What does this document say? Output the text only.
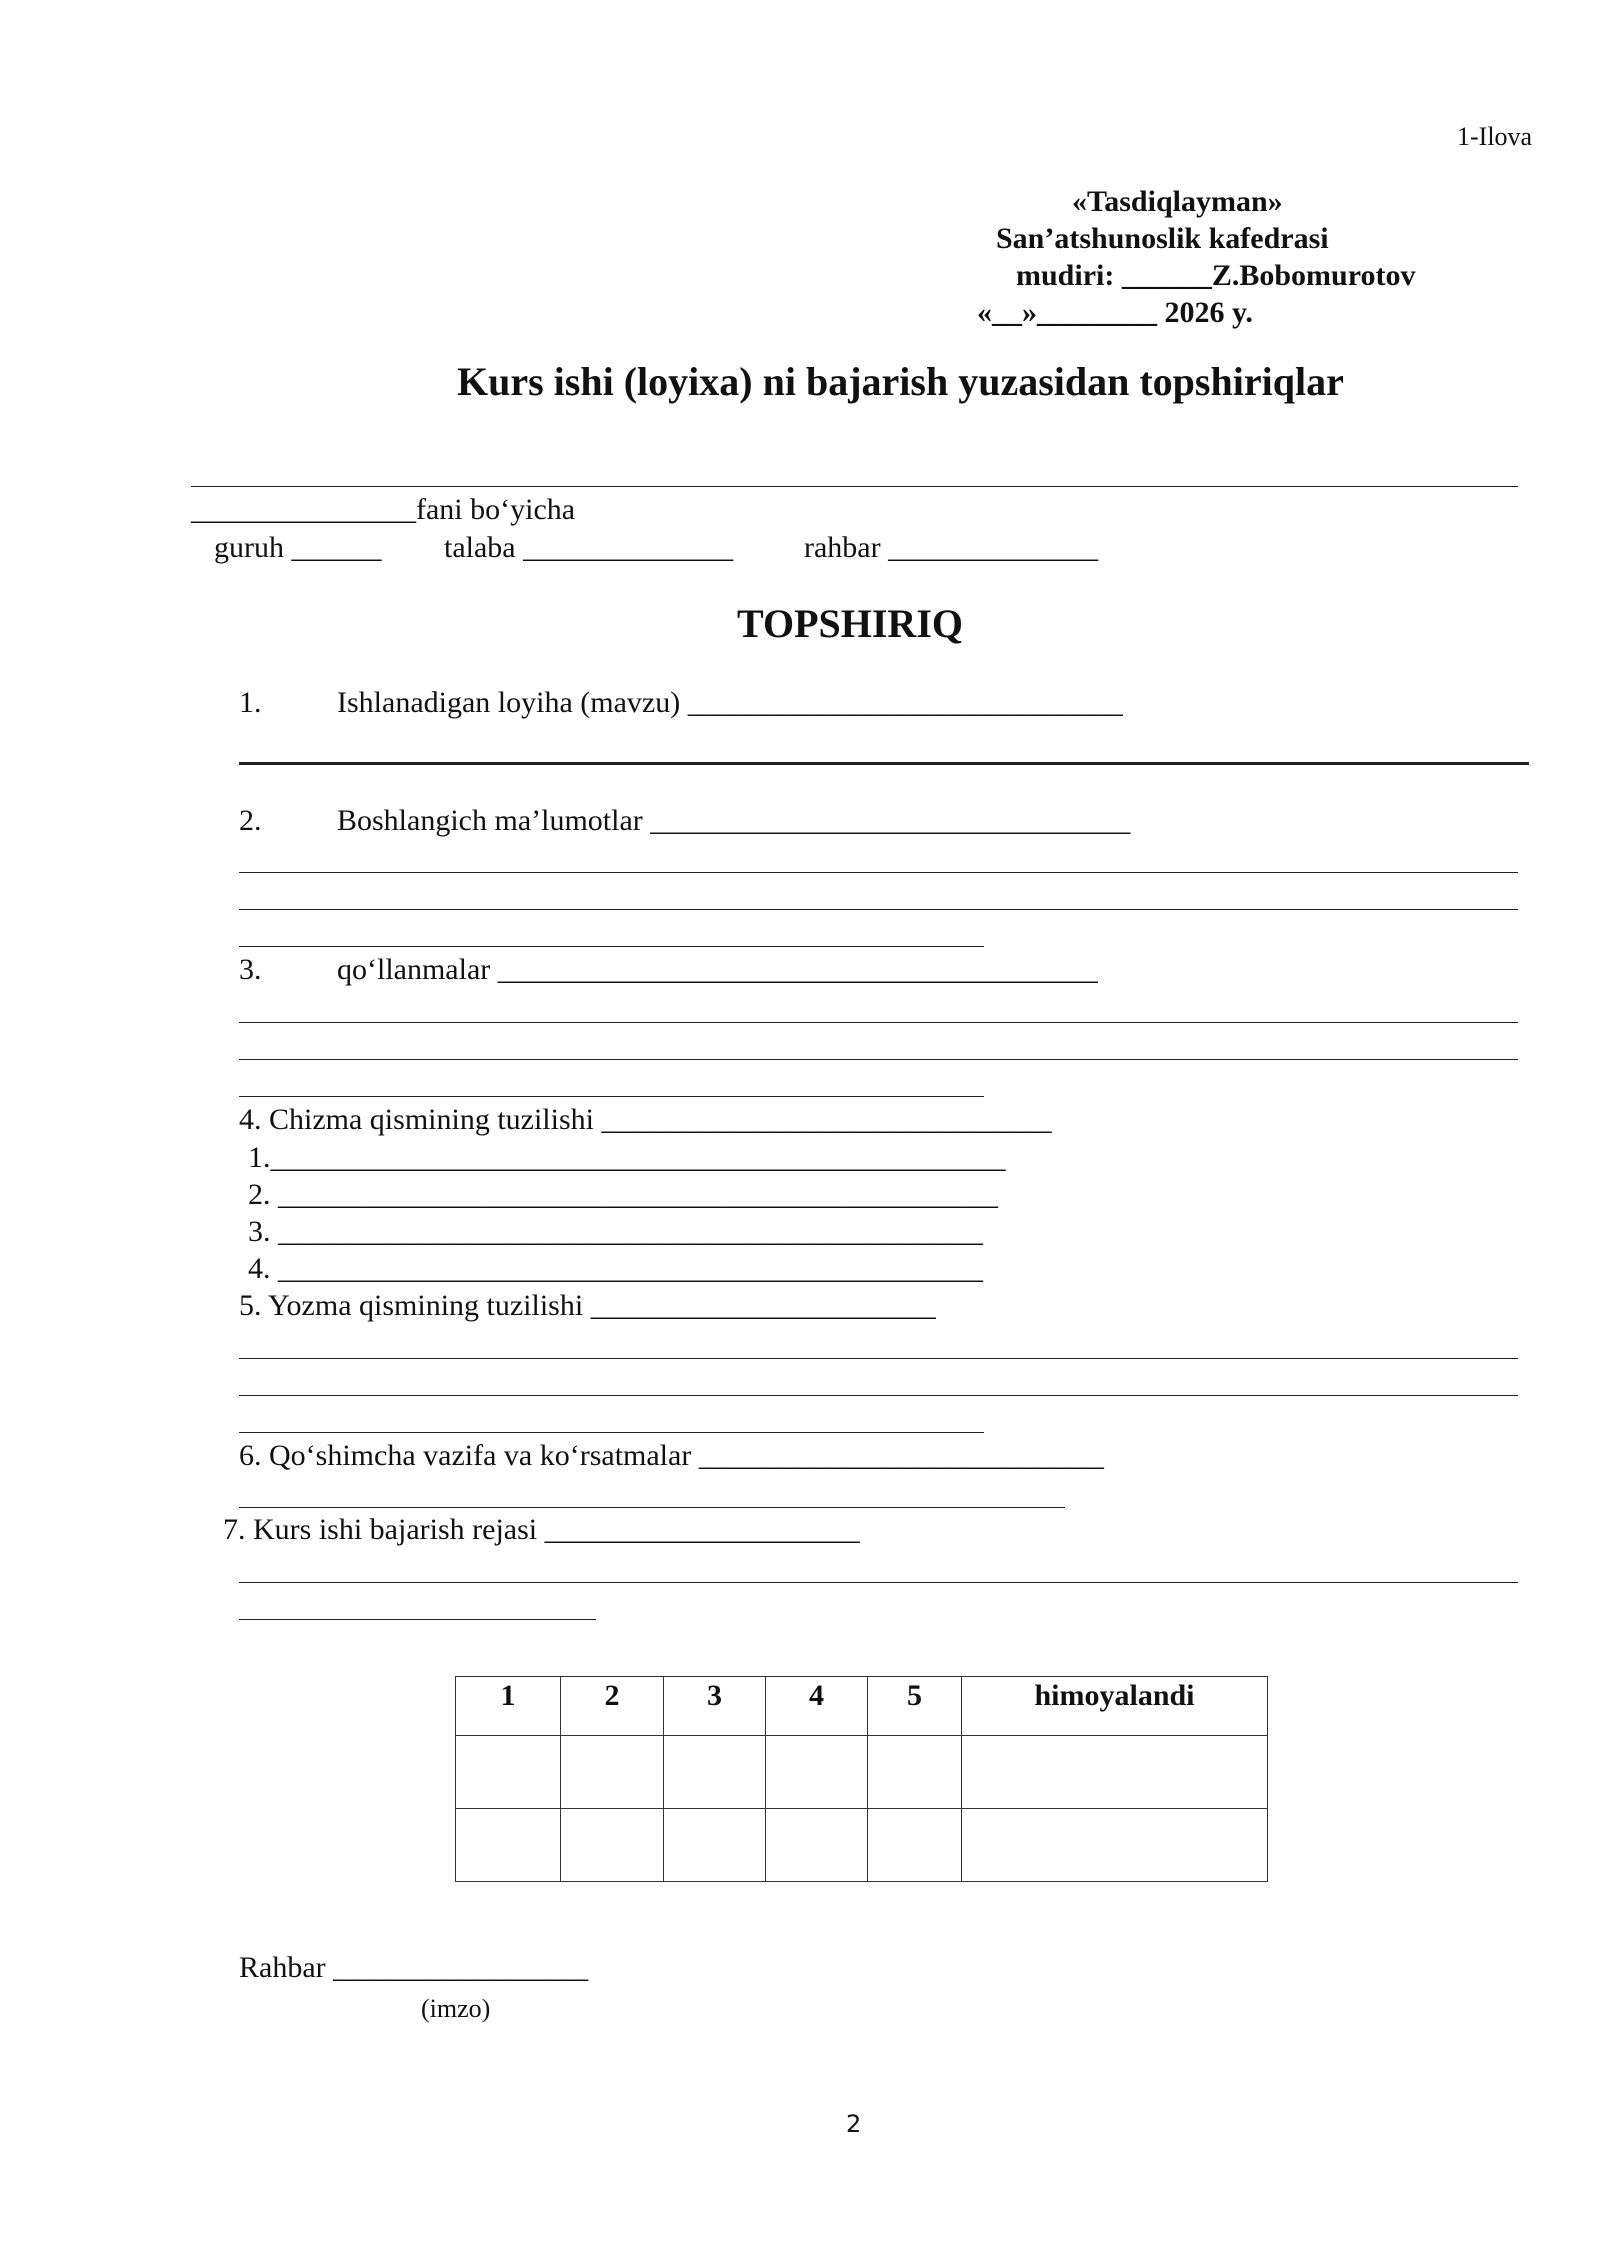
1-Ilova
«Tasdiqlayman»
San’atshunoslik kafedrasi
mudiri: ______Z.Bobomurotov
«__»________ 2026 y.
Kurs ishi (loyixa) ni bajarish yuzasidan topshiriqlar
_______________fani bo‘yicha
guruh ______ talaba ______________ rahbar ______________
TOPSHIRIQ
1.	Ishlanadigan loyiha (mavzu) _____________________________
2.	Boshlangich ma’lumotlar ________________________________
3.	qo‘llanmalar ________________________________________
4. Chizma qismining tuzilishi ______________________________
1._________________________________________________
2. ________________________________________________
3. _______________________________________________
4. _______________________________________________
5. Yozma qismining tuzilishi _______________________
6. Qo‘shimcha vazifa va ko‘rsatmalar ___________________________
7. Kurs ishi bajarish rejasi _____________________
1	2	3	4	5	himoyalandi

Rahbar _________________
(imzo)
2
